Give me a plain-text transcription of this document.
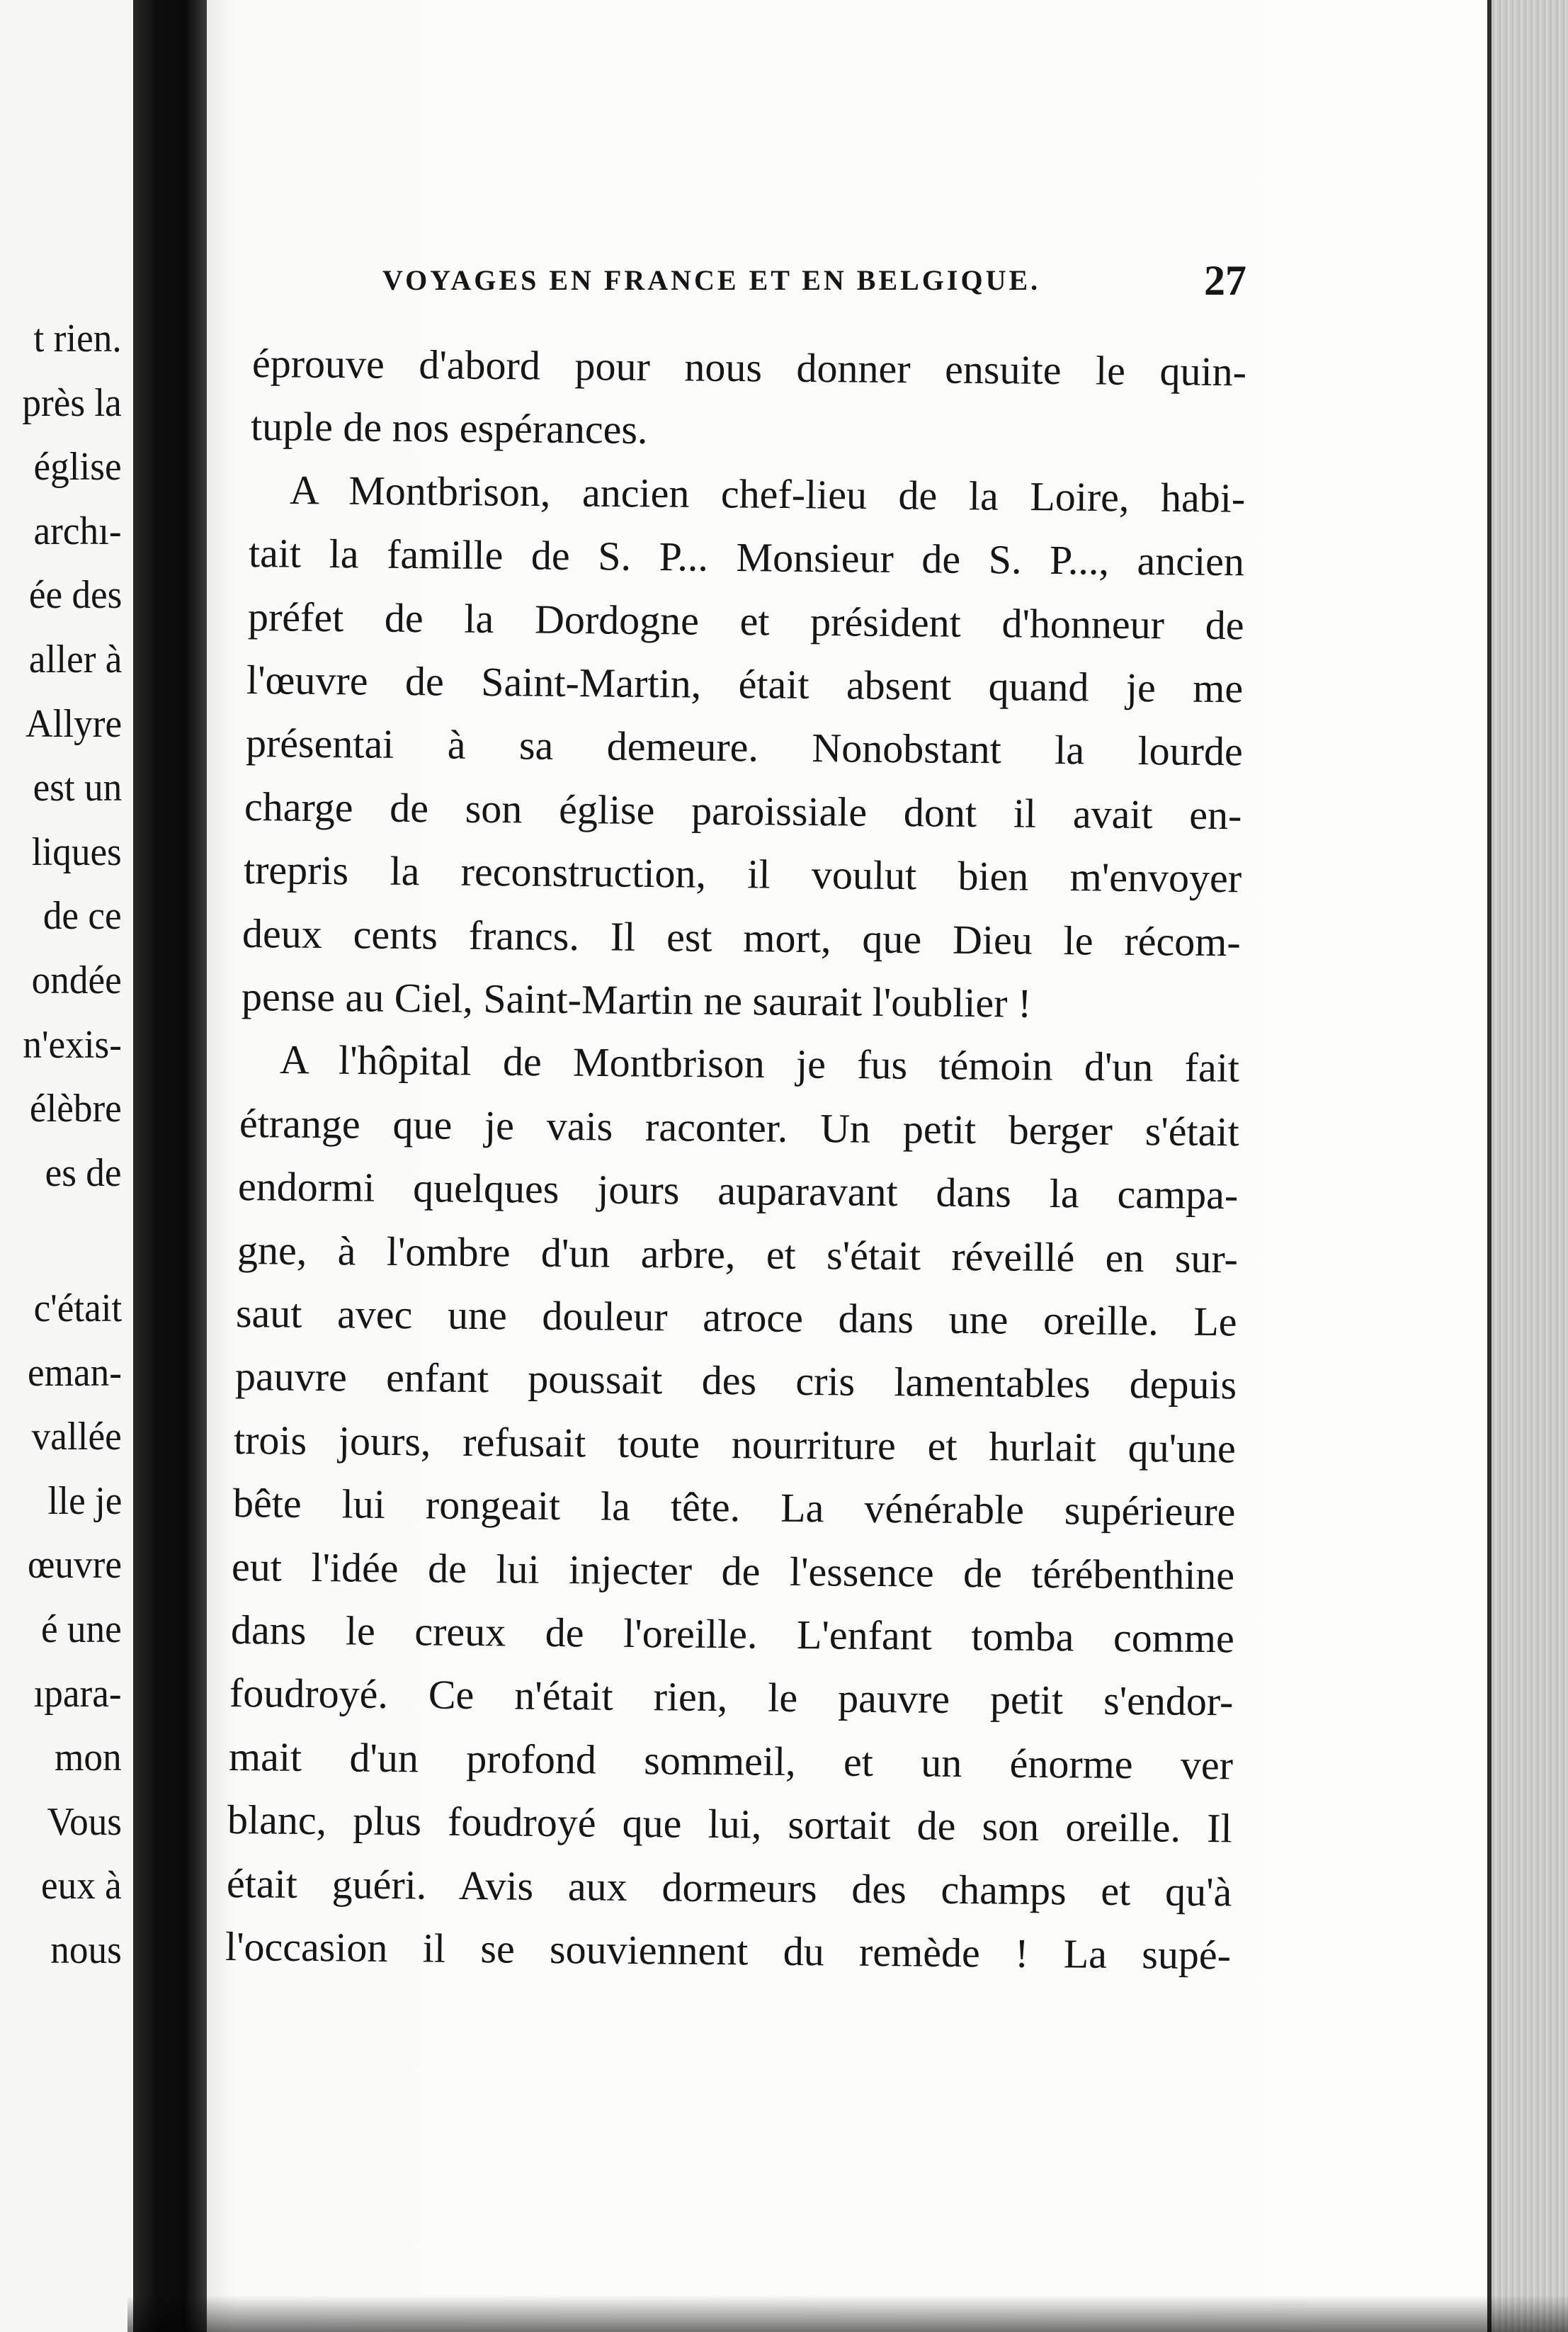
VOYAGES EN FRANCE ET EN BELGIQUE.	27

éprouve d'abord pour nous donner ensuite le quin-

tuple de nos espérances.

A Montbrison, ancien chef-lieu de la Loire, habi-

tait la famille de S. P... Monsieur de S. P..., ancien

préfet de la Dordogne et président d'honneur de

l'œuvre de Saint-Martin, était absent quand je me

présentai à sa demeure. Nonobstant la lourde

charge de son église paroissiale dont il avait en-

trepris la reconstruction, il voulut bien m'envoyer

deux cents francs. Il est mort, que Dieu le récom-

pense au Ciel, Saint-Martin ne saurait l'oublier !

A l'hôpital de Montbrison je fus témoin d'un fait

étrange que je vais raconter. Un petit berger s'était

endormi quelques jours auparavant dans la campa-

gne, à l'ombre d'un arbre, et s'était réveillé en sur-

saut avec une douleur atroce dans une oreille. Le

pauvre enfant poussait des cris lamentables depuis

trois jours, refusait toute nourriture et hurlait qu'une

bête lui rongeait la tête. La vénérable supérieure

eut l'idée de lui injecter de l'essence de térébenthine

dans le creux de l'oreille. L'enfant tomba comme

foudroyé. Ce n'était rien, le pauvre petit s'endor-

mait d'un profond sommeil, et un énorme ver

blanc, plus foudroyé que lui, sortait de son oreille. Il

était guéri. Avis aux dormeurs des champs et qu'à

l'occasion il se souviennent du remède ! La supé-

t rien.

près la

église

archı-

ée des

aller à

Allyre

est un

liques

de ce

ondée

n'exis-

élèbre

es de

c'était

eman-

vallée

lle je

œuvre

é une

ıpara-

mon

Vous

eux à

nous
